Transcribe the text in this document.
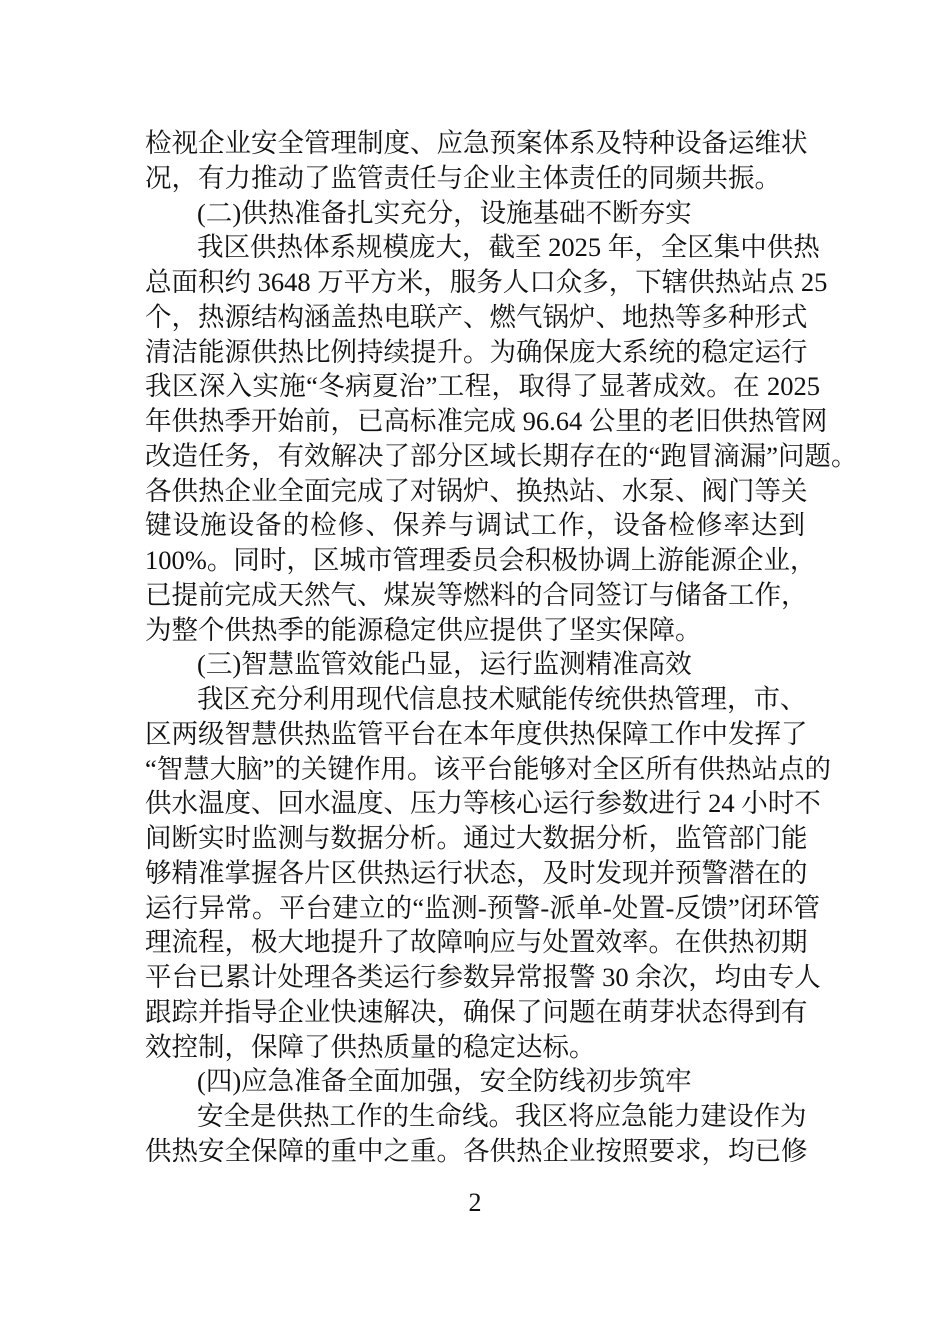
检视企业安全管理制度、应急预案体系及特种设备运维状
况，有力推动了监管责任与企业主体责任的同频共振。
(二)供热准备扎实充分，设施基础不断夯实
我区供热体系规模庞大，截至 2025 年，全区集中供热
总面积约 3648 万平方米，服务人口众多，下辖供热站点 25
个，热源结构涵盖热电联产、燃气锅炉、地热等多种形式
清洁能源供热比例持续提升。为确保庞大系统的稳定运行
我区深入实施“冬病夏治”工程，取得了显著成效。在 2025
年供热季开始前，已高标准完成 96.64 公里的老旧供热管网
改造任务，有效解决了部分区域长期存在的“跑冒滴漏”问题。
各供热企业全面完成了对锅炉、换热站、水泵、阀门等关
键设施设备的检修、保养与调试工作，设备检修率达到
100%。同时，区城市管理委员会积极协调上游能源企业，
已提前完成天然气、煤炭等燃料的合同签订与储备工作，
为整个供热季的能源稳定供应提供了坚实保障。
(三)智慧监管效能凸显，运行监测精准高效
我区充分利用现代信息技术赋能传统供热管理，市、
区两级智慧供热监管平台在本年度供热保障工作中发挥了
“智慧大脑”的关键作用。该平台能够对全区所有供热站点的
供水温度、回水温度、压力等核心运行参数进行 24 小时不
间断实时监测与数据分析。通过大数据分析，监管部门能
够精准掌握各片区供热运行状态，及时发现并预警潜在的
运行异常。平台建立的“监测-预警-派单-处置-反馈”闭环管
理流程，极大地提升了故障响应与处置效率。在供热初期
平台已累计处理各类运行参数异常报警 30 余次，均由专人
跟踪并指导企业快速解决，确保了问题在萌芽状态得到有
效控制，保障了供热质量的稳定达标。
(四)应急准备全面加强，安全防线初步筑牢
安全是供热工作的生命线。我区将应急能力建设作为
供热安全保障的重中之重。各供热企业按照要求，均已修
2
